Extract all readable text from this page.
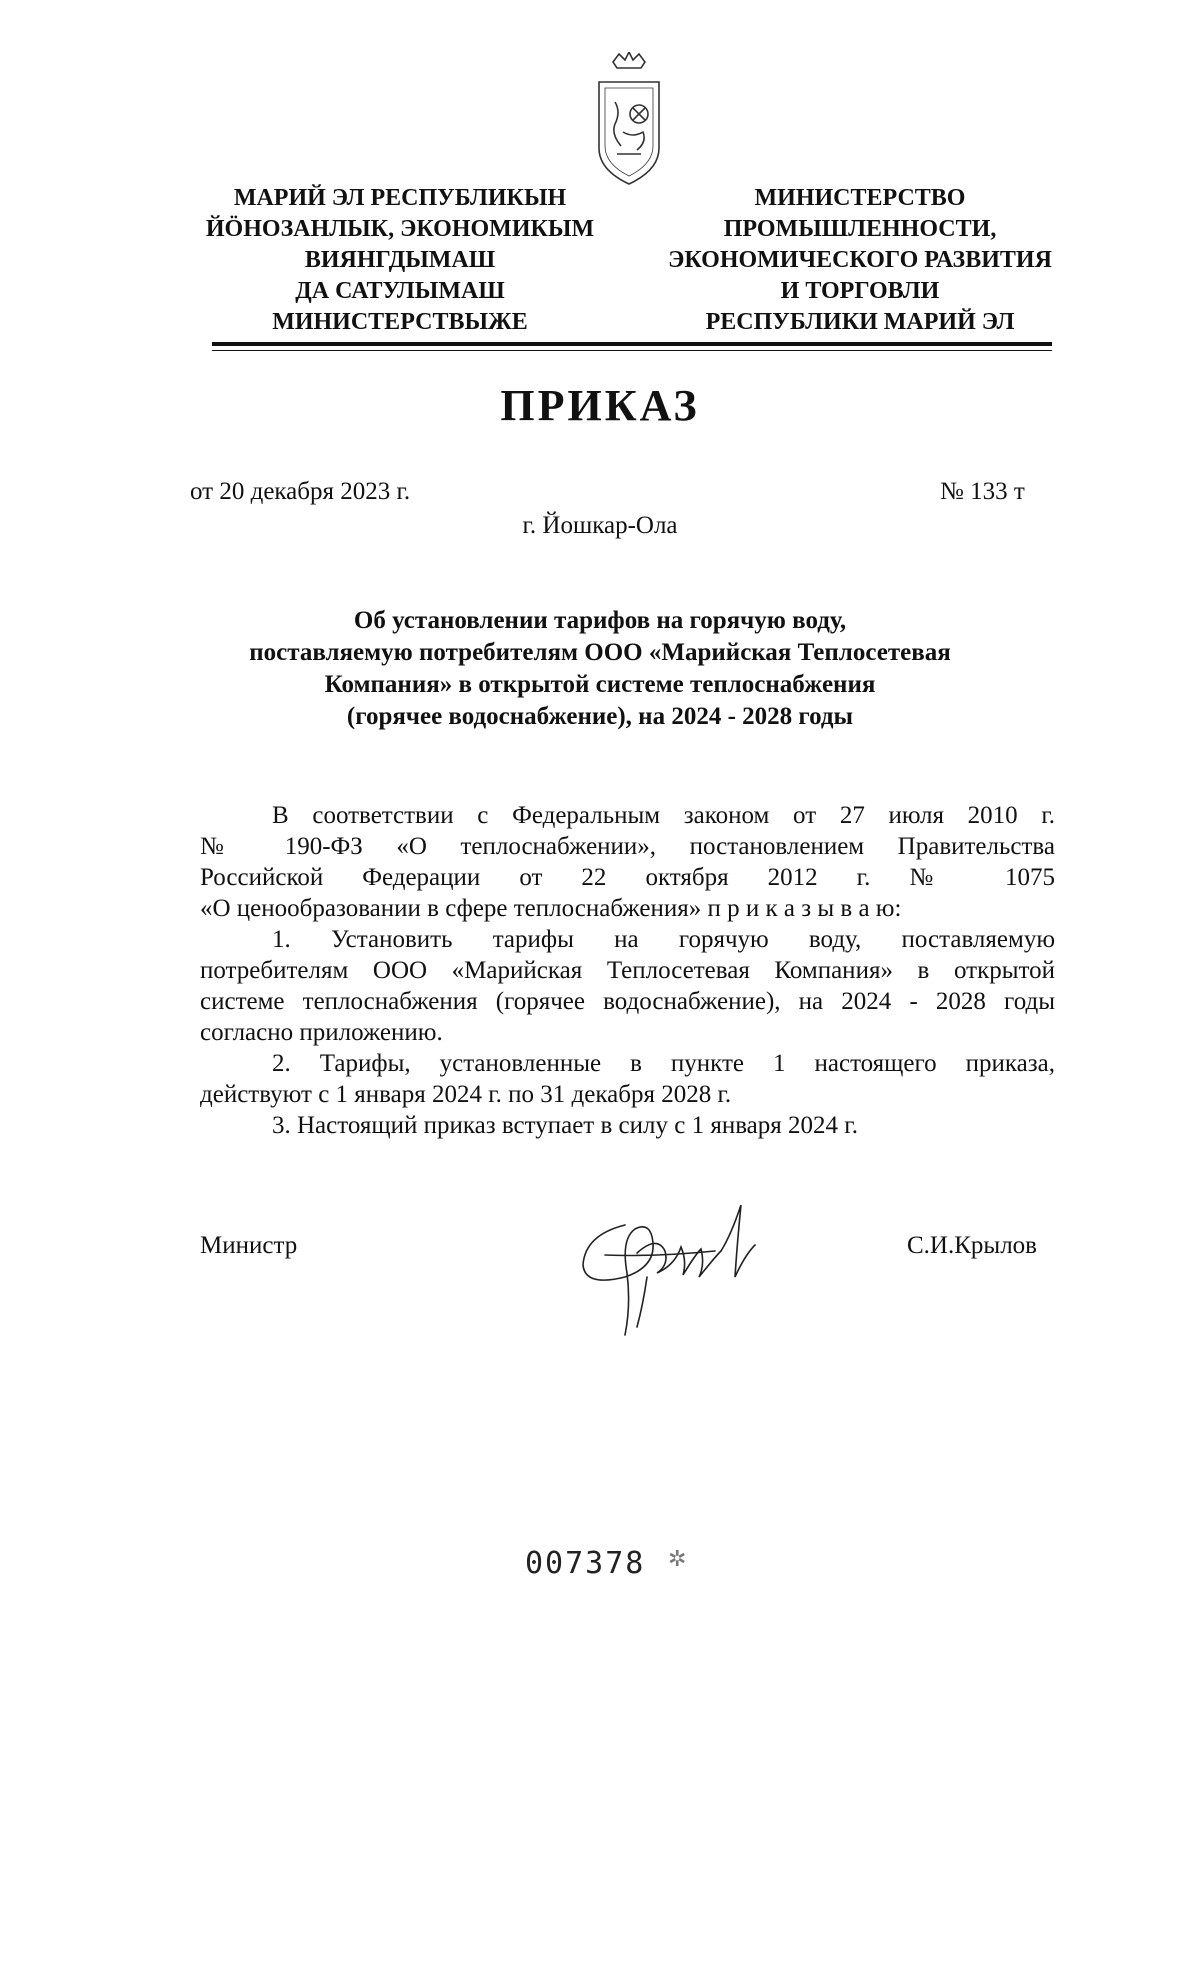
МАРИЙ ЭЛ РЕСПУБЛИКЫН
ЙӦНОЗАНЛЫК, ЭКОНОМИКЫМ
ВИЯНГДЫМАШ
ДА САТУЛЫМАШ
МИНИСТЕРСТВЫЖЕ
МИНИСТЕРСТВО
ПРОМЫШЛЕННОСТИ,
ЭКОНОМИЧЕСКОГО РАЗВИТИЯ
И ТОРГОВЛИ
РЕСПУБЛИКИ МАРИЙ ЭЛ
ПРИКАЗ
от 20 декабря 2023 г.	№ 133 т
г. Йошкар-Ола
Об установлении тарифов на горячую воду,
поставляемую потребителям ООО «Марийская Теплосетевая
Компания» в открытой системе теплоснабжения
(горячее водоснабжение), на 2024 - 2028 годы
В соответствии с Федеральным законом от 27 июля 2010 г.
№ 190-ФЗ «О теплоснабжении», постановлением Правительства
Российской Федерации от 22 октября 2012 г. № 1075
«О ценообразовании в сфере теплоснабжения» п р и к а з ы в а ю:
1. Установить тарифы на горячую воду, поставляемую
потребителям ООО «Марийская Теплосетевая Компания» в открытой
системе теплоснабжения (горячее водоснабжение), на 2024 - 2028 годы
согласно приложению.
2. Тарифы, установленные в пункте 1 настоящего приказа,
действуют с 1 января 2024 г. по 31 декабря 2028 г.
3. Настоящий приказ вступает в силу с 1 января 2024 г.
Министр	С.И.Крылов
007378 ✲
